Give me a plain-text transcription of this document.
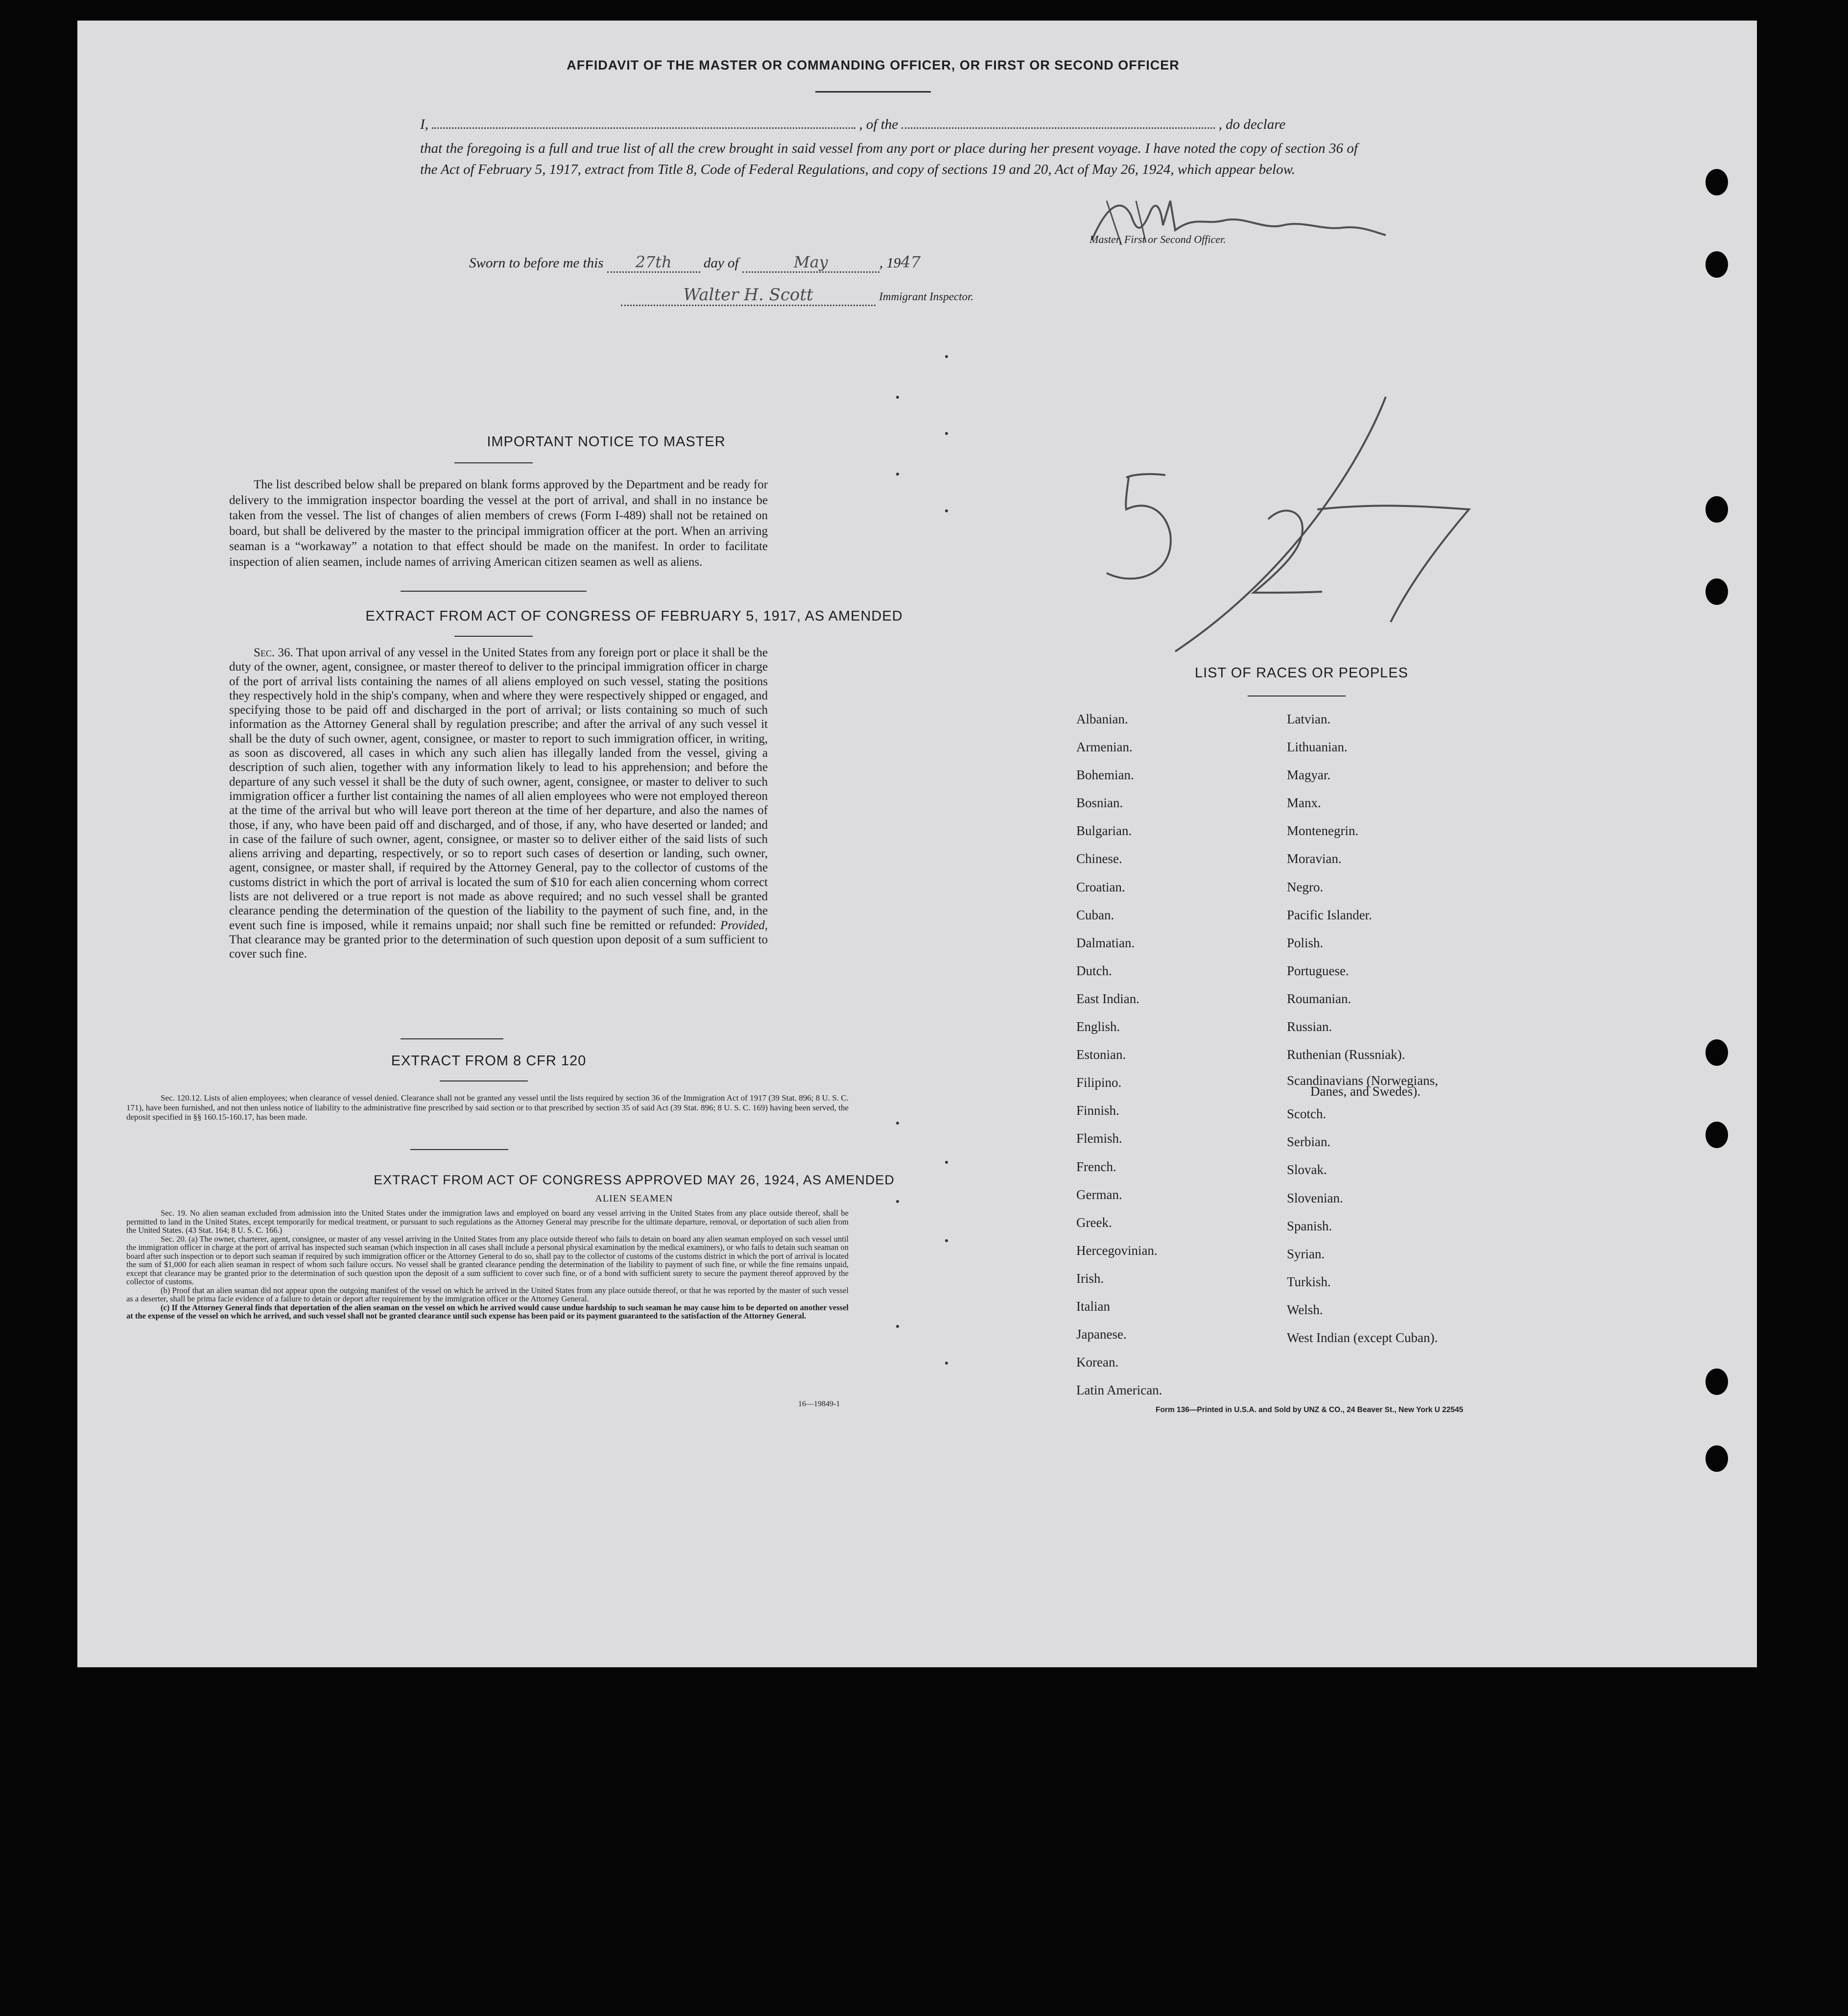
AFFIDAVIT OF THE MASTER OR COMMANDING OFFICER, OR FIRST OR SECOND OFFICER
I,	, of the	, do declare
that the foregoing is a full and true list of all the crew brought in said vessel from any port or place during her present voyage. I have noted the copy of section 36 of the Act of February 5, 1917, extract from Title 8, Code of Federal Regulations, and copy of sections 19 and 20, Act of May 26, 1924, which appear below.
Master, First or Second Officer.
Sworn to before me this 27th day of	May	, 1947
Walter H. Scott	Immigrant Inspector.
IMPORTANT NOTICE TO MASTER
The list described below shall be prepared on blank forms approved by the Department and be ready for delivery to the immigration inspector boarding the vessel at the port of arrival, and shall in no instance be taken from the vessel. The list of changes of alien members of crews (Form I-489) shall not be retained on board, but shall be delivered by the master to the principal immigration officer at the port. When an arriving seaman is a “workaway” a notation to that effect should be made on the manifest. In order to facilitate inspection of alien seamen, include names of arriving American citizen seamen as well as aliens.
EXTRACT FROM ACT OF CONGRESS OF FEBRUARY 5, 1917, AS AMENDED
Sec. 36. That upon arrival of any vessel in the United States from any foreign port or place it shall be the duty of the owner, agent, consignee, or master thereof to deliver to the principal immigration officer in charge of the port of arrival lists containing the names of all aliens employed on such vessel, stating the positions they respectively hold in the ship's company, when and where they were respectively shipped or engaged, and specifying those to be paid off and discharged in the port of arrival; or lists containing so much of such information as the Attorney General shall by regulation prescribe; and after the arrival of any such vessel it shall be the duty of such owner, agent, consignee, or master to report to such immigration officer, in writing, as soon as discovered, all cases in which any such alien has illegally landed from the vessel, giving a description of such alien, together with any information likely to lead to his apprehension; and before the departure of any such vessel it shall be the duty of such owner, agent, consignee, or master to deliver to such immigration officer a further list containing the names of all alien employees who were not employed thereon at the time of the arrival but who will leave port thereon at the time of her departure, and also the names of those, if any, who have been paid off and discharged, and of those, if any, who have deserted or landed; and in case of the failure of such owner, agent, consignee, or master so to deliver either of the said lists of such aliens arriving and departing, respectively, or so to report such cases of desertion or landing, such owner, agent, consignee, or master shall, if required by the Attorney General, pay to the collector of customs of the customs district in which the port of arrival is located the sum of $10 for each alien concerning whom correct lists are not delivered or a true report is not made as above required; and no such vessel shall be granted clearance pending the determination of the question of the liability to the payment of such fine, and, in the event such fine is imposed, while it remains unpaid; nor shall such fine be remitted or refunded: Provided, That clearance may be granted prior to the determination of such question upon deposit of a sum sufficient to cover such fine.
EXTRACT FROM 8 CFR 120
Sec. 120.12. Lists of alien employees; when clearance of vessel denied. Clearance shall not be granted any vessel until the lists required by section 36 of the Immigration Act of 1917 (39 Stat. 896; 8 U. S. C. 171), have been furnished, and not then unless notice of liability to the administrative fine prescribed by said section or to that prescribed by section 35 of said Act (39 Stat. 896; 8 U. S. C. 169) having been served, the deposit specified in §§ 160.15-160.17, has been made.
EXTRACT FROM ACT OF CONGRESS APPROVED MAY 26, 1924, AS AMENDED
ALIEN SEAMEN
Sec. 19. No alien seaman excluded from admission into the United States under the immigration laws and employed on board any vessel arriving in the United States from any place outside thereof, shall be permitted to land in the United States, except temporarily for medical treatment, or pursuant to such regulations as the Attorney General may prescribe for the ultimate departure, removal, or deportation of such alien from the United States. (43 Stat. 164; 8 U. S. C. 166.)
Sec. 20. (a) The owner, charterer, agent, consignee, or master of any vessel arriving in the United States from any place outside thereof who fails to detain on board any alien seaman employed on such vessel until the immigration officer in charge at the port of arrival has inspected such seaman (which inspection in all cases shall include a personal physical examination by the medical examiners), or who fails to detain such seaman on board after such inspection or to deport such seaman if required by such immigration officer or the Attorney General to do so, shall pay to the collector of customs of the customs district in which the port of arrival is located the sum of $1,000 for each alien seaman in respect of whom such failure occurs. No vessel shall be granted clearance pending the determination of the liability to payment of such fine, or while the fine remains unpaid, except that clearance may be granted prior to the determination of such question upon the deposit of a sum sufficient to cover such fine, or of a bond with sufficient surety to secure the payment thereof approved by the collector of customs.
(b) Proof that an alien seaman did not appear upon the outgoing manifest of the vessel on which he arrived in the United States from any place outside thereof, or that he was reported by the master of such vessel as a deserter, shall be prima facie evidence of a failure to detain or deport after requirement by the immigration officer or the Attorney General.
(c) If the Attorney General finds that deportation of the alien seaman on the vessel on which he arrived would cause undue hardship to such seaman he may cause him to be deported on another vessel at the expense of the vessel on which he arrived, and such vessel shall not be granted clearance until such expense has been paid or its payment guaranteed to the satisfaction of the Attorney General.
16—19849-1
LIST OF RACES OR PEOPLES
Albanian.
Armenian.
Bohemian.
Bosnian.
Bulgarian.
Chinese.
Croatian.
Cuban.
Dalmatian.
Dutch.
East Indian.
English.
Estonian.
Filipino.
Finnish.
Flemish.
French.
German.
Greek.
Hercegovinian.
Irish.
Italian
Japanese.
Korean.
Latin American.
Latvian.
Lithuanian.
Magyar.
Manx.
Montenegrin.
Moravian.
Negro.
Pacific Islander.
Polish.
Portuguese.
Roumanian.
Russian.
Ruthenian (Russniak).
Scandinavians (Norwegians,
Danes, and Swedes).
Scotch.
Serbian.
Slovak.
Slovenian.
Spanish.
Syrian.
Turkish.
Welsh.
West Indian (except Cuban).
Form 136—Printed in U.S.A. and Sold by UNZ & CO., 24 Beaver St., New York U 22545
